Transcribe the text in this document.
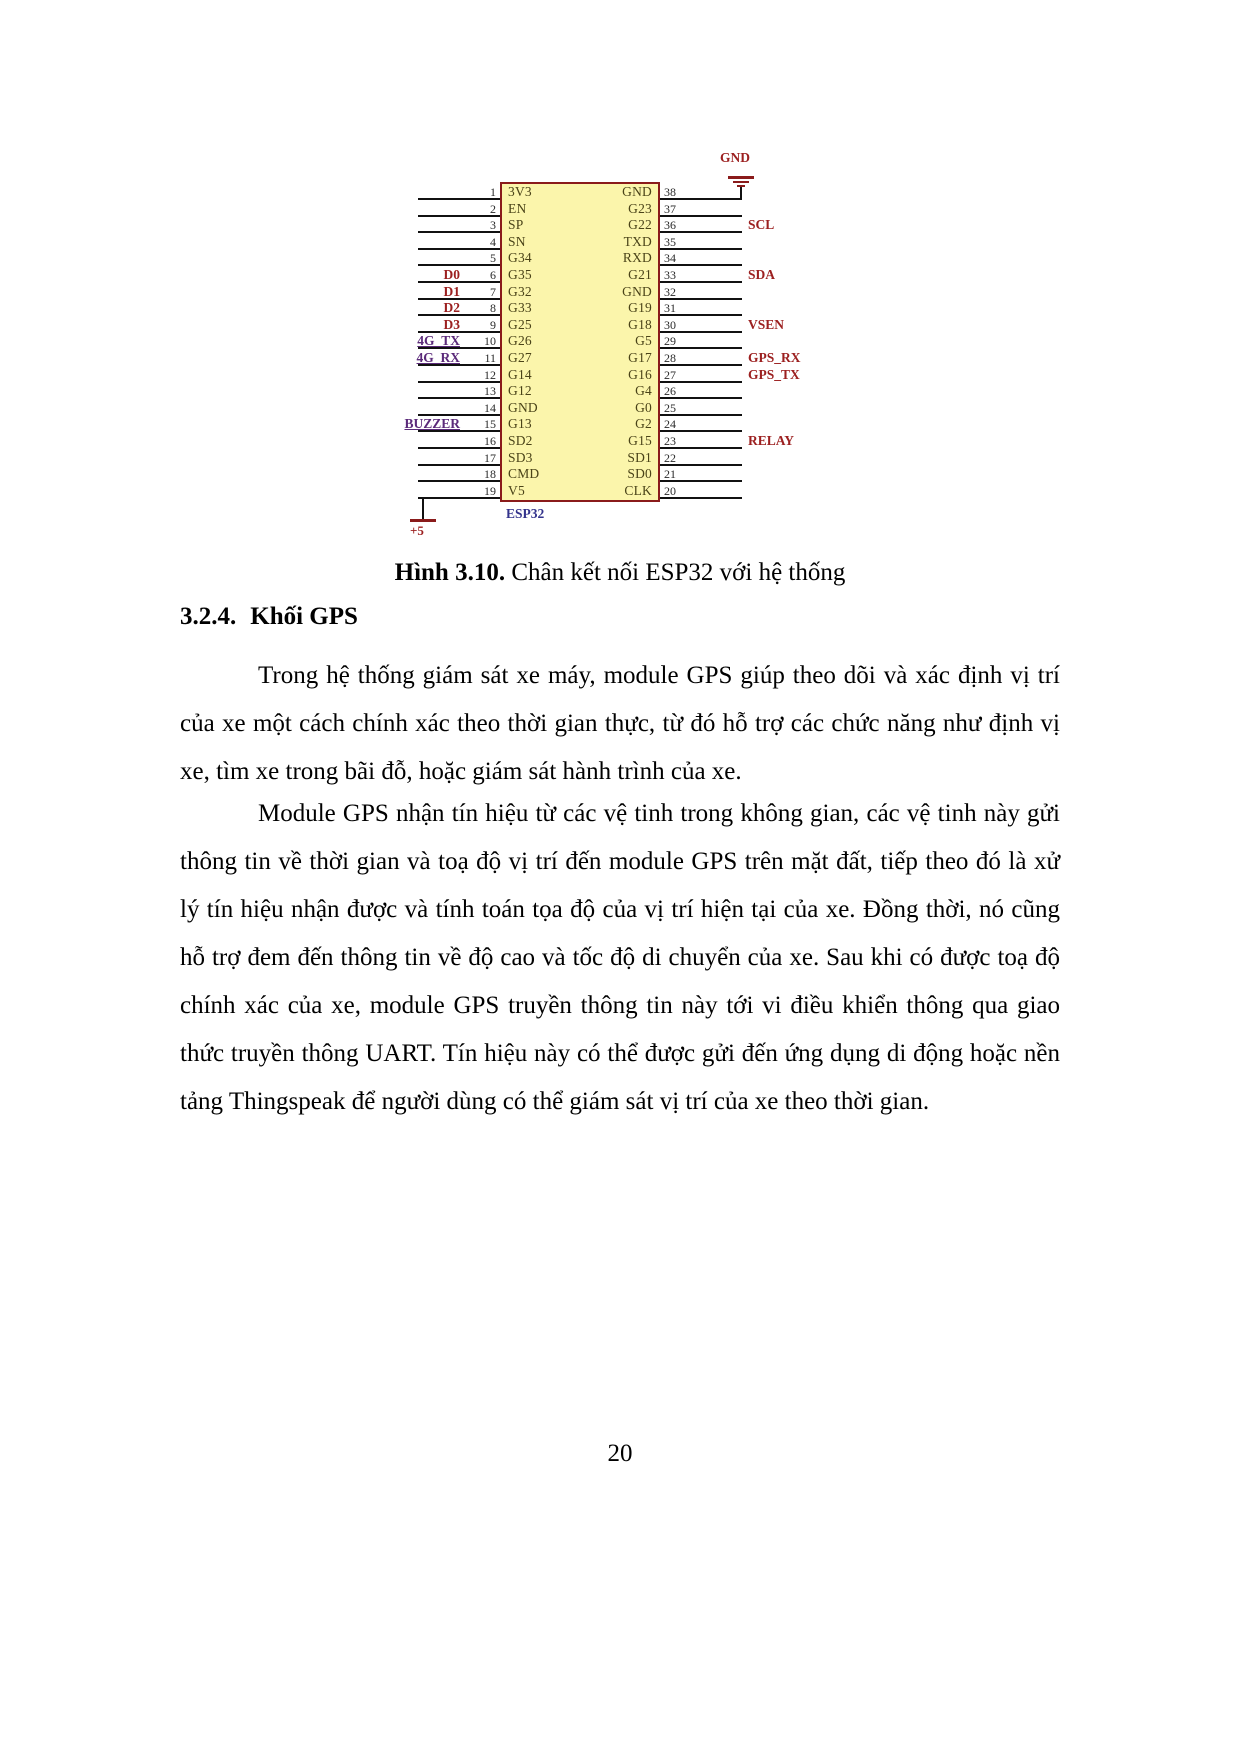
ESP32
GND
+5
3V3
EN
SP
SN
G34
G35
G32
G33
G25
G26
G27
G14
G12
GND
G13
SD2
SD3
CMD
V5
GND
G23
G22
TXD
RXD
G21
GND
G19
G18
G5
G17
G16
G4
G0
G2
G15
SD1
SD0
CLK
1
2
3
4
5
6
D0
7
D1
8
D2
9
D3
10
4G_TX
11
4G_RX
12
13
14
15
BUZZER
16
17
18
19
38
37
36	SCL
35
34
33	SDA
32
31
30	VSEN
29
28	GPS_RX
27	GPS_TX
26
25
24
23	RELAY
22
21
20
Hình 3.10. Chân kết nối ESP32 với hệ thống
3.2.4. Khối GPS

Trong hệ thống giám sát xe máy, module GPS giúp theo dõi và xác định vị trí của xe một cách chính xác theo thời gian thực, từ đó hỗ trợ các chức năng như định vị xe, tìm xe trong bãi đỗ, hoặc giám sát hành trình của xe.

Module GPS nhận tín hiệu từ các vệ tinh trong không gian, các vệ tinh này gửi thông tin về thời gian và toạ độ vị trí đến module GPS trên mặt đất, tiếp theo đó là xử lý tín hiệu nhận được và tính toán tọa độ của vị trí hiện tại của xe. Đồng thời, nó cũng hỗ trợ đem đến thông tin về độ cao và tốc độ di chuyển của xe. Sau khi có được toạ độ chính xác của xe, module GPS truyền thông tin này tới vi điều khiển thông qua giao thức truyền thông UART. Tín hiệu này có thể được gửi đến ứng dụng di động hoặc nền tảng Thingspeak để người dùng có thể giám sát vị trí của xe theo thời gian.

20
